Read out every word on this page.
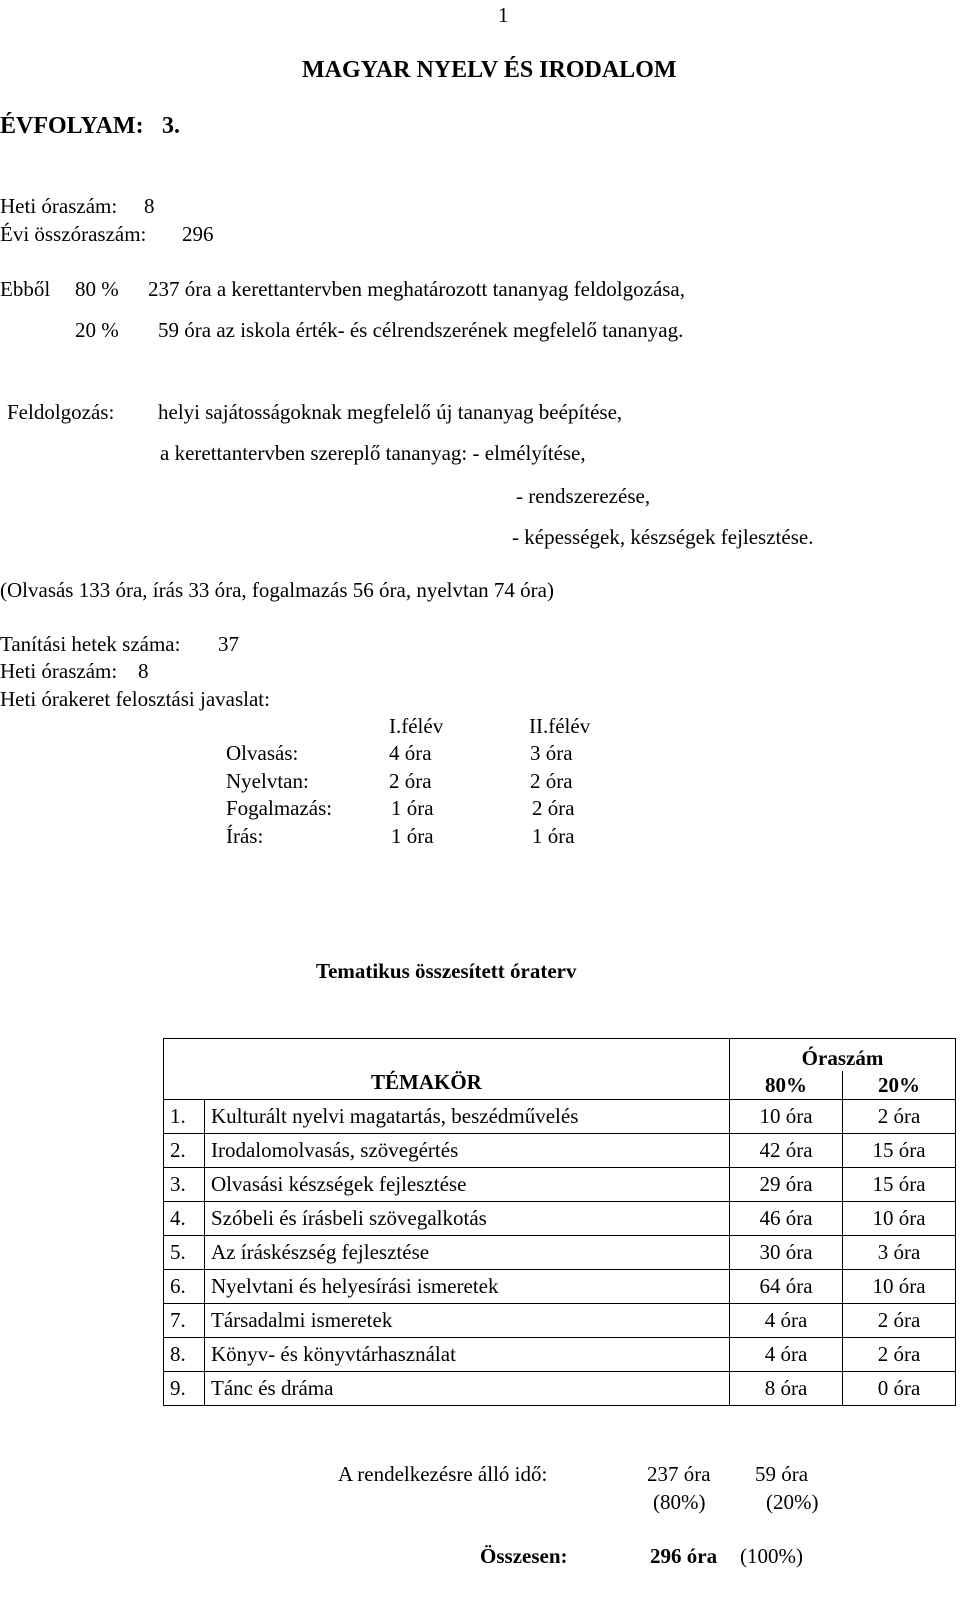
1
MAGYAR NYELV ÉS IRODALOM
ÉVFOLYAM: 3.
Heti óraszám: 8
Évi összóraszám: 296
Ebből 80 % 237 óra a kerettantervben meghatározott tananyag feldolgozása,
20 % 59 óra az iskola érték- és célrendszerének megfelelő tananyag.
Feldolgozás: helyi sajátosságoknak megfelelő új tananyag beépítése,
a kerettantervben szereplő tananyag: - elmélyítése,
- rendszerezése,
- képességek, készségek fejlesztése.
(Olvasás 133 óra, írás 33 óra, fogalmazás 56 óra, nyelvtan 74 óra)
Tanítási hetek száma: 37
Heti óraszám: 8
Heti órakeret felosztási javaslat:
I.félév	II.félév
Olvasás:	4 óra	3 óra
Nyelvtan:	2 óra	2 óra
Fogalmazás:	1 óra	2 óra
Írás:	1 óra	1 óra
Tematikus összesített óraterv
TÉMAKÖR		Óraszám	
		80%	20%
1.	Kulturált nyelvi magatartás, beszédművelés	10 óra	2 óra
2.	Irodalomolvasás, szövegértés	42 óra	15 óra
3.	Olvasási készségek fejlesztése	29 óra	15 óra
4.	Szóbeli és írásbeli szövegalkotás	46 óra	10 óra
5.	Az íráskészség fejlesztése	30 óra	3 óra
6.	Nyelvtani és helyesírási ismeretek	64 óra	10 óra
7.	Társadalmi ismeretek	4 óra	2 óra
8.	Könyv- és könyvtárhasználat	4 óra	2 óra
9.	Tánc és dráma	8 óra	0 óra
A rendelkezésre álló idő:	237 óra 59 óra
(80%)	(20%)
Összesen:	296 óra (100%)
